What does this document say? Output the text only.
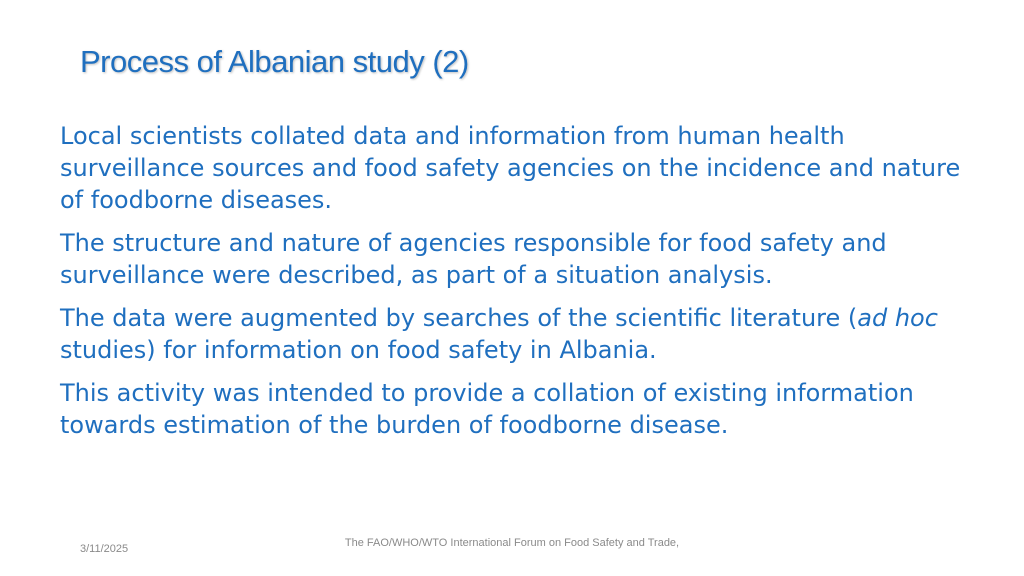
Process of Albanian study (2)

Local scientists collated data and information from human health surveillance sources and food safety agencies on the incidence and nature of foodborne diseases.

The structure and nature of agencies responsible for food safety and surveillance were described, as part of a situation analysis.

The data were augmented by searches of the scientific literature (ad hoc studies) for information on food safety in Albania.

This activity was intended to provide a collation of existing information towards estimation of the burden of foodborne disease.

3/11/2025	The FAO/WHO/WTO International Forum on Food Safety and Trade,
